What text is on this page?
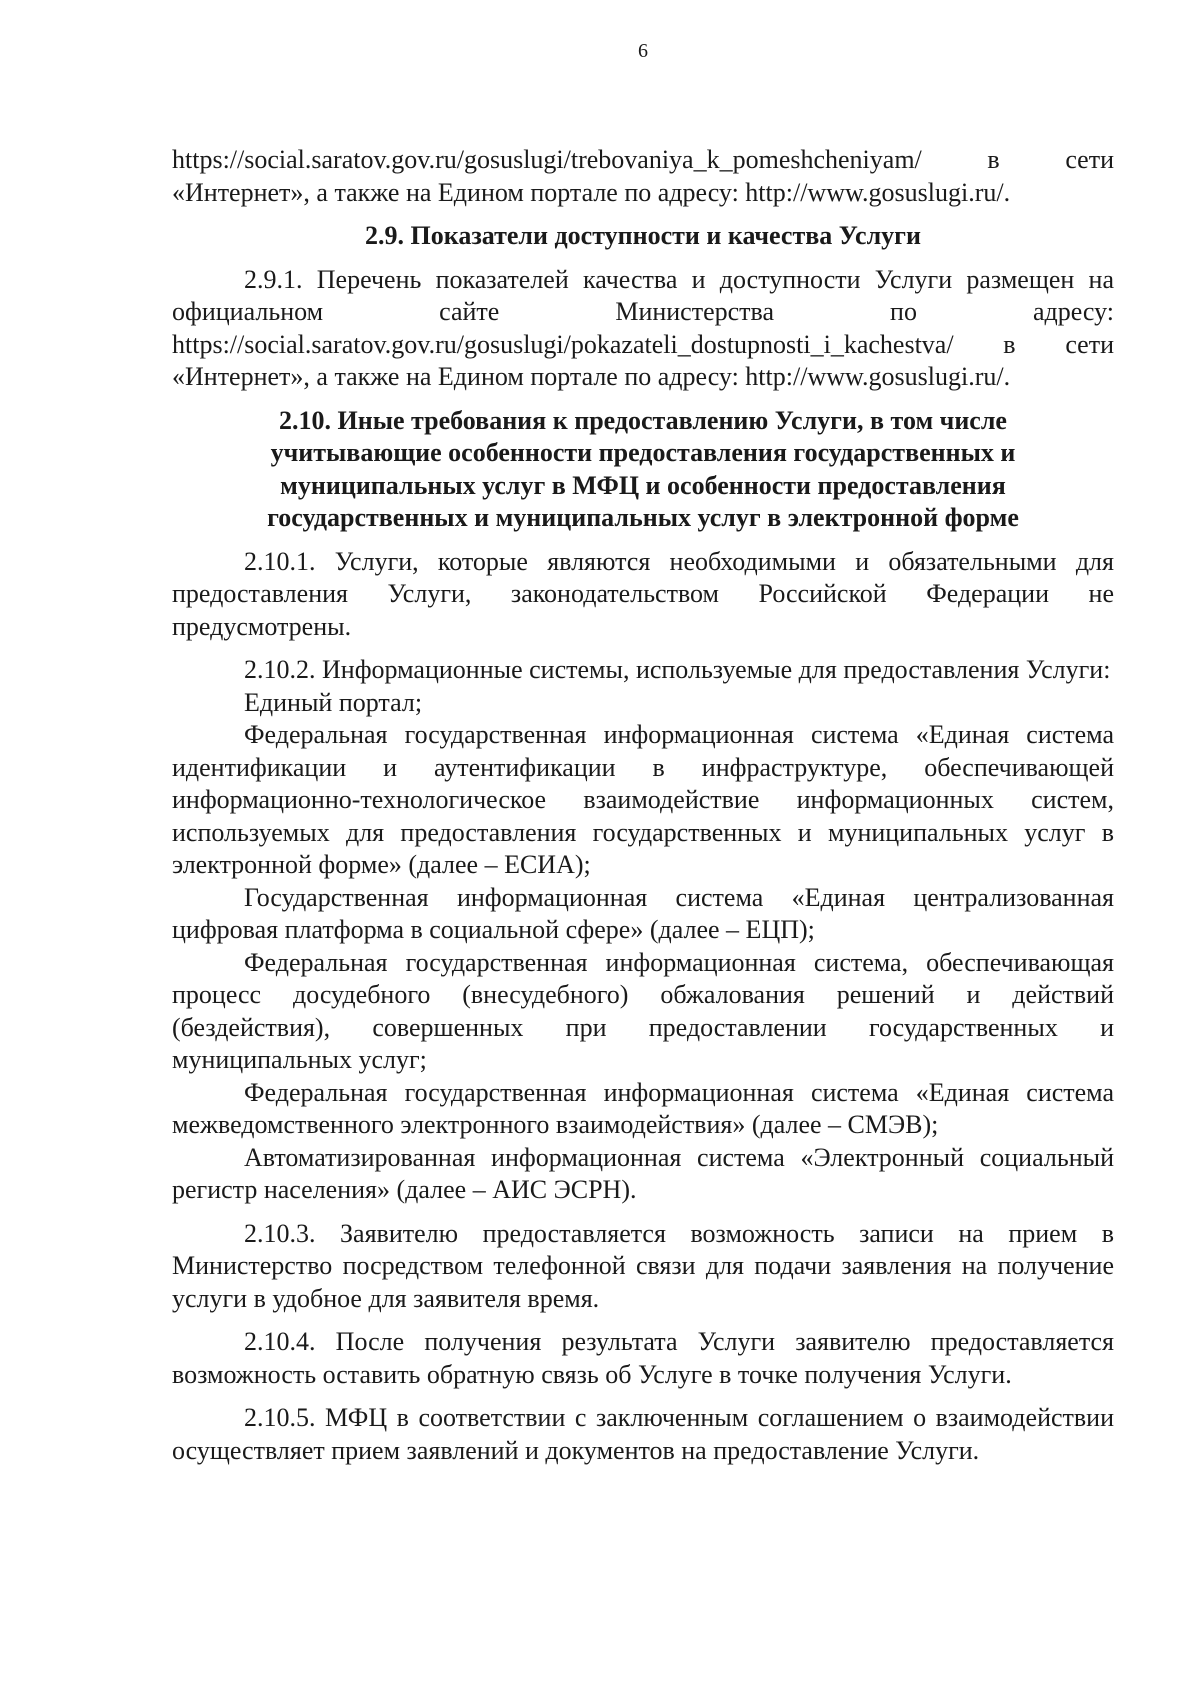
6

https://social.saratov.gov.ru/gosuslugi/trebovaniya_k_pomeshcheniyam/ в сети «Интернет», а также на Едином портале по адресу: http://www.gosuslugi.ru/.

2.9. Показатели доступности и качества Услуги

2.9.1. Перечень показателей качества и доступности Услуги размещен на официальном сайте Министерства по адресу: https://social.saratov.gov.ru/gosuslugi/pokazateli_dostupnosti_i_kachestva/ в сети «Интернет», а также на Едином портале по адресу: http://www.gosuslugi.ru/.

2.10. Иные требования к предоставлению Услуги, в том числе учитывающие особенности предоставления государственных и муниципальных услуг в МФЦ и особенности предоставления государственных и муниципальных услуг в электронной форме

2.10.1. Услуги, которые являются необходимыми и обязательными для предоставления Услуги, законодательством Российской Федерации не предусмотрены.

2.10.2. Информационные системы, используемые для предоставления Услуги:

Единый портал;

Федеральная государственная информационная система «Единая система идентификации и аутентификации в инфраструктуре, обеспечивающей информационно-технологическое взаимодействие информационных систем, используемых для предоставления государственных и муниципальных услуг в электронной форме» (далее – ЕСИА);

Государственная информационная система «Единая централизованная цифровая платформа в социальной сфере» (далее – ЕЦП);

Федеральная государственная информационная система, обеспечивающая процесс досудебного (внесудебного) обжалования решений и действий (бездействия), совершенных при предоставлении государственных и муниципальных услуг;

Федеральная государственная информационная система «Единая система межведомственного электронного взаимодействия» (далее – СМЭВ);

Автоматизированная информационная система «Электронный социальный регистр населения» (далее – АИС ЭСРН).

2.10.3. Заявителю предоставляется возможность записи на прием в Министерство посредством телефонной связи для подачи заявления на получение услуги в удобное для заявителя время.

2.10.4. После получения результата Услуги заявителю предоставляется возможность оставить обратную связь об Услуге в точке получения Услуги.

2.10.5. МФЦ в соответствии с заключенным соглашением о взаимодействии осуществляет прием заявлений и документов на предоставление Услуги.
